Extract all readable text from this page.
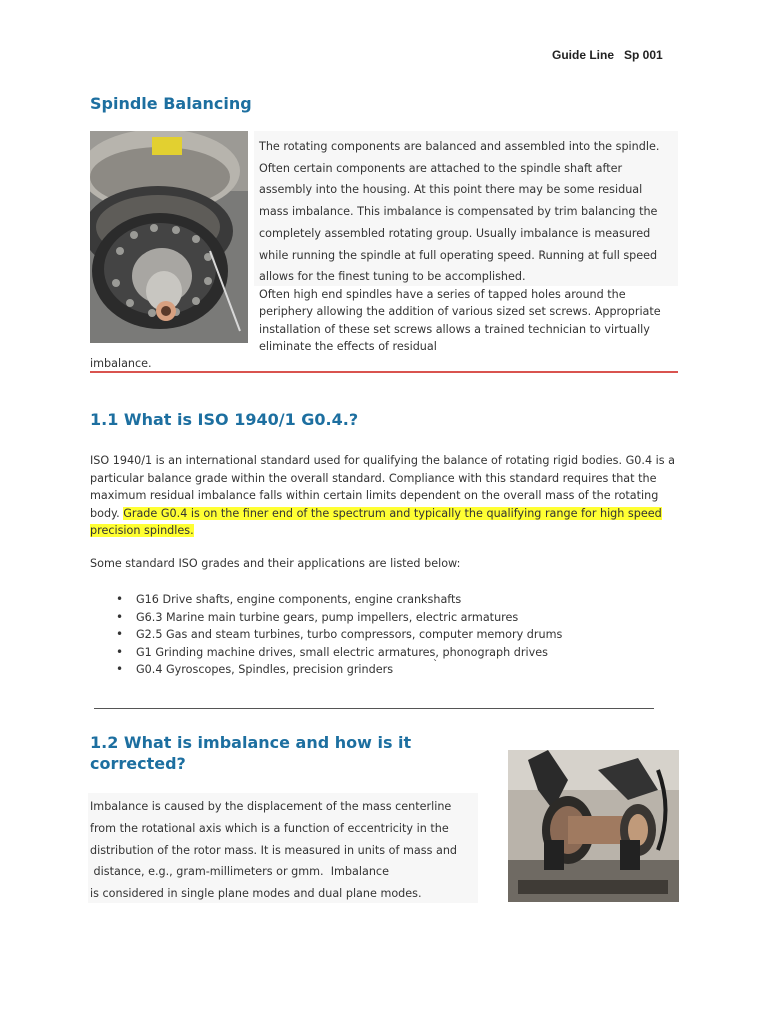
Guide Line   Sp 001
Spindle Balancing
The rotating components are balanced and assembled into the spindle.
Often certain components are attached to the spindle shaft after
assembly into the housing. At this point there may be some residual
mass imbalance. This imbalance is compensated by trim balancing the
completely assembled rotating group. Usually imbalance is measured
while running the spindle at full operating speed. Running at full speed
allows for the finest tuning to be accomplished.
Often high end spindles have a series of tapped holes around the
periphery allowing the addition of various sized set screws. Appropriate
installation of these set screws allows a trained technician to virtually
eliminate the effects of residual
imbalance.
1.1 What is ISO 1940/1 G0.4.?
ISO 1940/1 is an international standard used for qualifying the balance of rotating rigid bodies. G0.4 is a particular balance grade within the overall standard. Compliance with this standard requires that the maximum residual imbalance falls within certain limits dependent on the overall mass of the rotating body. Grade G0.4 is on the finer end of the spectrum and typically the qualifying range for high speed precision spindles.
Some standard ISO grades and their applications are listed below:
• G16 Drive shafts, engine components, engine crankshafts
• G6.3 Marine main turbine gears, pump impellers, electric armatures
• G2.5 Gas and steam turbines, turbo compressors, computer memory drums
• G1 Grinding machine drives, small electric armatures, phonograph drives
• G0.4 Gyroscopes, Spindles, precision grinders	`
1.2 What is imbalance and how is it corrected?
Imbalance is caused by the displacement of the mass centerline
from the rotational axis which is a function of eccentricity in the
distribution of the rotor mass. It is measured in units of mass and
distance, e.g., gram-millimeters or gmm.  Imbalance
is considered in single plane modes and dual plane modes.
